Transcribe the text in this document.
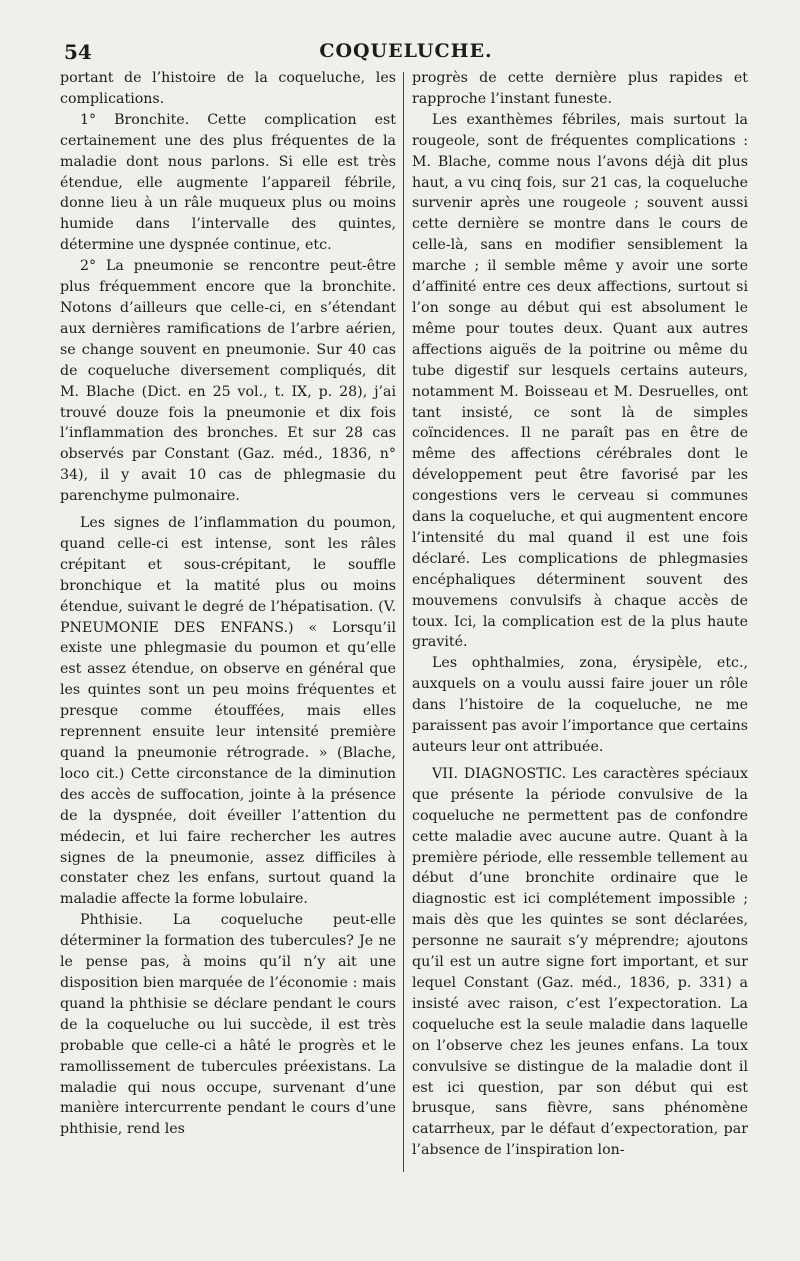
54	COQUELUCHE.

portant de l’histoire de la coqueluche, les complications.

1° Bronchite. Cette complication est certainement une des plus fréquentes de la maladie dont nous parlons. Si elle est très étendue, elle augmente l’appareil fébrile, donne lieu à un râle muqueux plus ou moins humide dans l’intervalle des quintes, détermine une dyspnée continue, etc.

2° La pneumonie se rencontre peut-être plus fréquemment encore que la bronchite. Notons d’ailleurs que celle-ci, en s’étendant aux dernières ramifications de l’arbre aérien, se change souvent en pneumonie. Sur 40 cas de coqueluche diversement compliqués, dit M. Blache (Dict. en 25 vol., t. IX, p. 28), j’ai trouvé douze fois la pneumonie et dix fois l’inflammation des bronches. Et sur 28 cas observés par Constant (Gaz. méd., 1836, n° 34), il y avait 10 cas de phlegmasie du parenchyme pulmonaire.

Les signes de l’inflammation du poumon, quand celle-ci est intense, sont les râles crépitant et sous-crépitant, le souffle bronchique et la matité plus ou moins étendue, suivant le degré de l’hépatisation. (V. PNEUMONIE DES ENFANS.) « Lorsqu’il existe une phlegmasie du poumon et qu’elle est assez étendue, on observe en général que les quintes sont un peu moins fréquentes et presque comme étouffées, mais elles reprennent ensuite leur intensité première quand la pneumonie rétrograde. » (Blache, loco cit.) Cette circonstance de la diminution des accès de suffocation, jointe à la présence de la dyspnée, doit éveiller l’attention du médecin, et lui faire rechercher les autres signes de la pneumonie, assez difficiles à constater chez les enfans, surtout quand la maladie affecte la forme lobulaire.

Phthisie. La coqueluche peut-elle déterminer la formation des tubercules? Je ne le pense pas, à moins qu’il n’y ait une disposition bien marquée de l’économie : mais quand la phthisie se déclare pendant le cours de la coqueluche ou lui succède, il est très probable que celle-ci a hâté le progrès et le ramollissement de tubercules préexistans. La maladie qui nous occupe, survenant d’une manière intercurrente pendant le cours d’une phthisie, rend les

progrès de cette dernière plus rapides et rapproche l’instant funeste.

Les exanthèmes fébriles, mais surtout la rougeole, sont de fréquentes complications : M. Blache, comme nous l’avons déjà dit plus haut, a vu cinq fois, sur 21 cas, la coqueluche survenir après une rougeole ; souvent aussi cette dernière se montre dans le cours de celle-là, sans en modifier sensiblement la marche ; il semble même y avoir une sorte d’affinité entre ces deux affections, surtout si l’on songe au début qui est absolument le même pour toutes deux. Quant aux autres affections aiguës de la poitrine ou même du tube digestif sur lesquels certains auteurs, notamment M. Boisseau et M. Desruelles, ont tant insisté, ce sont là de simples coïncidences. Il ne paraît pas en être de même des affections cérébrales dont le développement peut être favorisé par les congestions vers le cerveau si communes dans la coqueluche, et qui augmentent encore l’intensité du mal quand il est une fois déclaré. Les complications de phlegmasies encéphaliques déterminent souvent des mouvemens convulsifs à chaque accès de toux. Ici, la complication est de la plus haute gravité.

Les ophthalmies, zona, érysipèle, etc., auxquels on a voulu aussi faire jouer un rôle dans l’histoire de la coqueluche, ne me paraissent pas avoir l’importance que certains auteurs leur ont attribuée.

VII. DIAGNOSTIC. Les caractères spéciaux que présente la période convulsive de la coqueluche ne permettent pas de confondre cette maladie avec aucune autre. Quant à la première période, elle ressemble tellement au début d’une bronchite ordinaire que le diagnostic est ici complétement impossible ; mais dès que les quintes se sont déclarées, personne ne saurait s’y méprendre; ajoutons qu’il est un autre signe fort important, et sur lequel Constant (Gaz. méd., 1836, p. 331) a insisté avec raison, c’est l’expectoration. La coqueluche est la seule maladie dans laquelle on l’observe chez les jeunes enfans. La toux convulsive se distingue de la maladie dont il est ici question, par son début qui est brusque, sans fièvre, sans phénomène catarrheux, par le défaut d’expectoration, par l’absence de l’inspiration lon-
